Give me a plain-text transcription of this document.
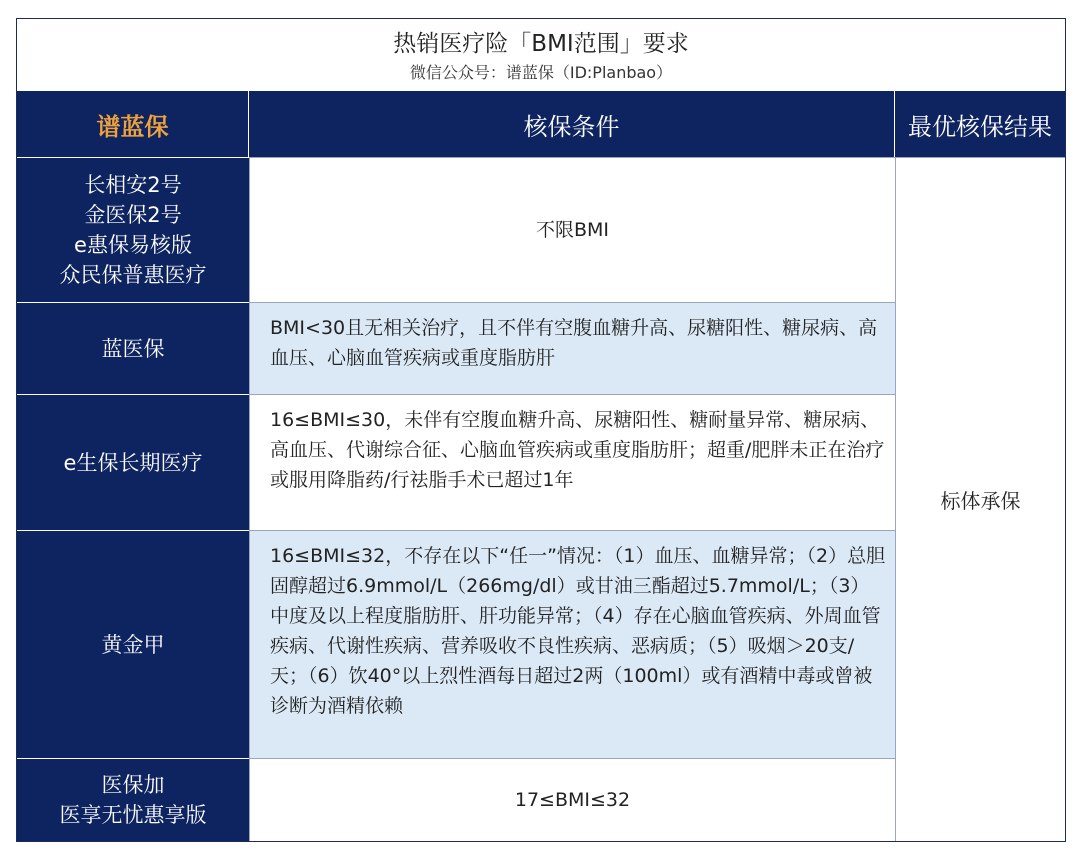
热销医疗险「BMI范围」要求
微信公众号：谱蓝保（ID:Planbao）
谱蓝保	核保条件	最优核保结果
长相安2号
金医保2号
e惠保易核版
众民保普惠医疗
不限BMI
蓝医保
BMI<30且无相关治疗，且不伴有空腹血糖升高、尿糖阳性、糖尿病、高血压、心脑血管疾病或重度脂肪肝
e生保长期医疗
16≤BMI≤30，未伴有空腹血糖升高、尿糖阳性、糖耐量异常、糖尿病、高血压、代谢综合征、心脑血管疾病或重度脂肪肝；超重/肥胖未正在治疗或服用降脂药/行祛脂手术已超过1年
黄金甲
16≤BMI≤32，不存在以下“任一”情况：（1）血压、血糖异常；（2）总胆固醇超过6.9mmol/L（266mg/dl）或甘油三酯超过5.7mmol/L；（3）中度及以上程度脂肪肝、肝功能异常；（4）存在心脑血管疾病、外周血管疾病、代谢性疾病、营养吸收不良性疾病、恶病质；（5）吸烟＞20支/天；（6）饮40°以上烈性酒每日超过2两（100ml）或有酒精中毒或曾被诊断为酒精依赖
医保加
医享无忧惠享版
17≤BMI≤32
标体承保
